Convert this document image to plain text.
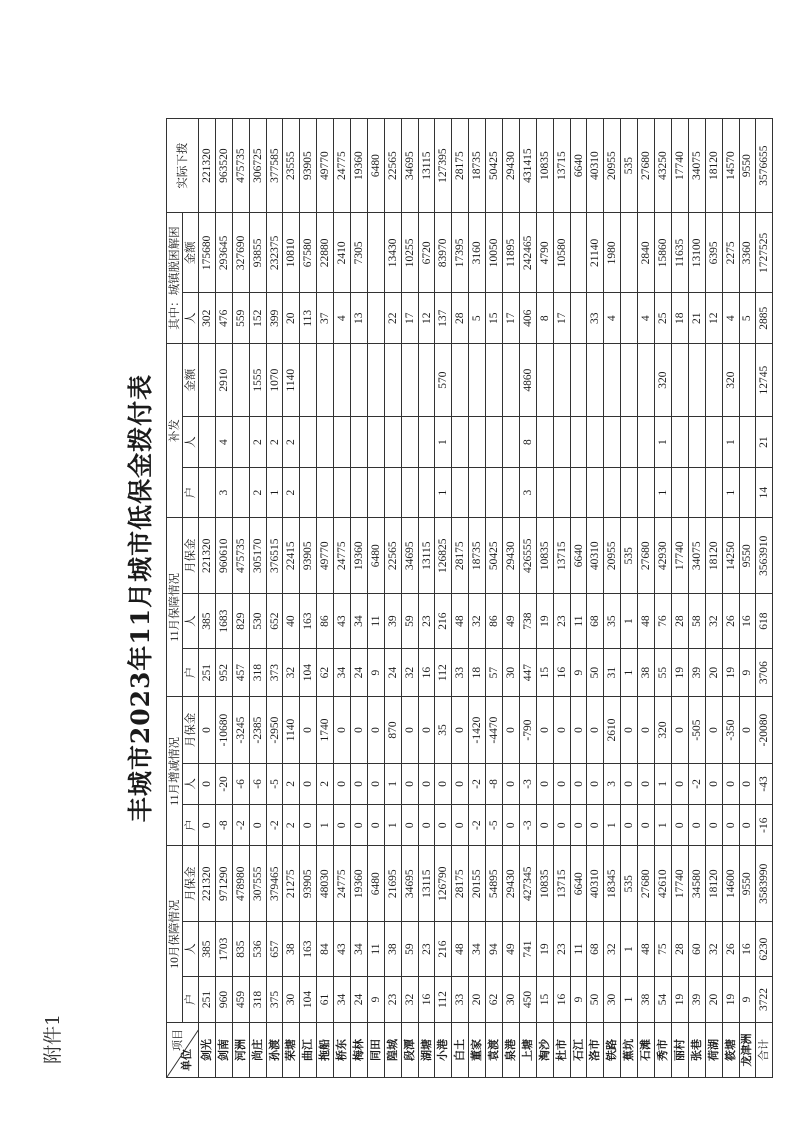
附件1
丰城市2023年11月城市低保金拨付表
项目
单位	10月保障情况			11月增减情况			11月保障情况			补发			其中：城镇脱困解困		实际下拨
	户	人	月保金	户	人	月保金	户	人	月保金	户	人	金额	人	金额	
剑光	251	385	221320	0	0	0	251	385	221320				302	175680	221320
剑南	960	1703	971290	-8	-20	-10680	952	1683	960610	3	4	2910	476	293645	963520
河洲	459	835	478980	-2	-6	-3245	457	829	475735				559	327690	475735
尚庄	318	536	307555	0	-6	-2385	318	530	305170	2	2	1555	152	93855	306725
孙渡	375	657	379465	-2	-5	-2950	373	652	376515	1	2	1070	399	232375	377585
荣塘	30	38	21275	2	2	1140	32	40	22415	2	2	1140	20	10810	23555
曲江	104	163	93905	0	0	0	104	163	93905				113	67580	93905
拖船	61	84	48030	1	2	1740	62	86	49770				37	22880	49770
桥东	34	43	24775	0	0	0	34	43	24775				4	2410	24775
梅林	24	34	19360	0	0	0	24	34	19360				13	7305	19360
同田	9	11	6480	0	0	0	9	11	6480						6480
隍城	23	38	21695	1	1	870	24	39	22565				22	13430	22565
段潭	32	59	34695	0	0	0	32	59	34695				17	10255	34695
湖塘	16	23	13115	0	0	0	16	23	13115				12	6720	13115
小港	112	216	126790	0	0	35	112	216	126825	1	1	570	137	83970	127395
白土	33	48	28175	0	0	0	33	48	28175				28	17395	28175
董家	20	34	20155	-2	-2	-1420	18	32	18735				5	3160	18735
袁渡	62	94	54895	-5	-8	-4470	57	86	50425				15	10050	50425
泉港	30	49	29430	0	0	0	30	49	29430				17	11895	29430
上塘	450	741	427345	-3	-3	-790	447	738	426555	3	8	4860	406	242465	431415
淘沙	15	19	10835	0	0	0	15	19	10835				8	4790	10835
杜市	16	23	13715	0	0	0	16	23	13715				17	10580	13715
石江	9	11	6640	0	0	0	9	11	6640						6640
洛市	50	68	40310	0	0	0	50	68	40310				33	21140	40310
铁路	30	32	18345	1	3	2610	31	35	20955				4	1980	20955
蕉坑	1	1	535	0	0	0	1	1	535						535
石滩	38	48	27680	0	0	0	38	48	27680				4	2840	27680
秀市	54	75	42610	1	1	320	55	76	42930	1	1	320	25	15860	43250
丽村	19	28	17740	0	0	0	19	28	17740				18	11635	17740
张巷	39	60	34580	0	-2	-505	39	58	34075				21	13100	34075
荷湖	20	32	18120	0	0	0	20	32	18120				12	6395	18120
筱塘	19	26	14600	0	0	-350	19	26	14250	1	1	320	4	2275	14570
龙津洲	9	16	9550	0	0	0	9	16	9550				5	3360	9550
合计	3722	6230	3583990	-16	-43	-20080	3706	618	3563910	14	21	12745	2885	1727525	3576655
